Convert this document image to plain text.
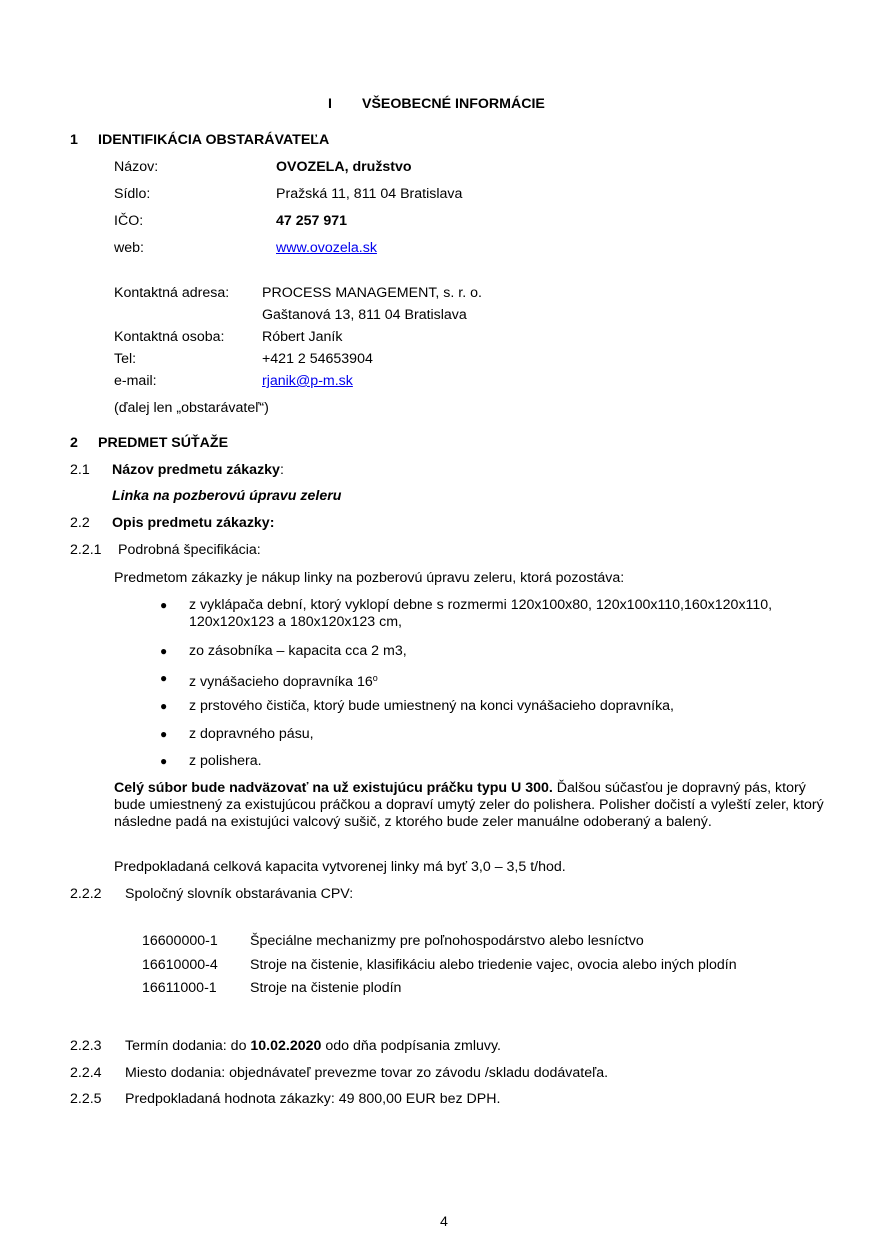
I VŠEOBECNÉ INFORMÁCIE
1 IDENTIFIKÁCIA OBSTARÁVATEĽA
Názov:	OVOZELA, družstvo
Sídlo:	Pražská 11, 811 04 Bratislava
IČO:	47 257 971
web:	www.ovozela.sk
Kontaktná adresa: PROCESS MANAGEMENT, s. r. o.
Gaštanová 13, 811 04 Bratislava
Kontaktná osoba:	Róbert Janík
Tel:	+421 2 54653904
e-mail:	rjanik@p-m.sk
(ďalej len „obstarávateľ“)
2 PREDMET SÚŤAŽE
2.1 Názov predmetu zákazky:
Linka na pozberovú úpravu zeleru
2.2 Opis predmetu zákazky:
2.2.1 Podrobná špecifikácia:
Predmetom zákazky je nákup linky na pozberovú úpravu zeleru, ktorá pozostáva:
● z vyklápača dební, ktorý vyklopí debne s rozmermi 120x100x80, 120x100x110,160x120x110, 120x120x123 a 180x120x123 cm,
● zo zásobníka – kapacita cca 2 m3,
● z vynášacieho dopravníka 16$^o$
● z prstového čističa, ktorý bude umiestnený na konci vynášacieho dopravníka,
● z dopravného pásu,
● z polishera.
Celý súbor bude nadväzovať na už existujúcu práčku typu U 300. Ďalšou súčasťou je dopravný pás, ktorý bude umiestnený za existujúcou práčkou a dopraví umytý zeler do polishera. Polisher dočistí a vyleští zeler, ktorý následne padá na existujúci valcový sušič, z ktorého bude zeler manuálne odoberaný a balený.
Predpokladaná celková kapacita vytvorenej linky má byť 3,0 – 3,5 t/hod.
2.2.2 Spoločný slovník obstarávania CPV:
16600000-1 Špeciálne mechanizmy pre poľnohospodárstvo alebo lesníctvo
16610000-4 Stroje na čistenie, klasifikáciu alebo triedenie vajec, ovocia alebo iných plodín
16611000-1 Stroje na čistenie plodín
2.2.3 Termín dodania: do 10.02.2020 odo dňa podpísania zmluvy.
2.2.4 Miesto dodania: objednávateľ prevezme tovar zo závodu /skladu dodávateľa.
2.2.5 Predpokladaná hodnota zákazky: 49 800,00 EUR bez DPH.
4
